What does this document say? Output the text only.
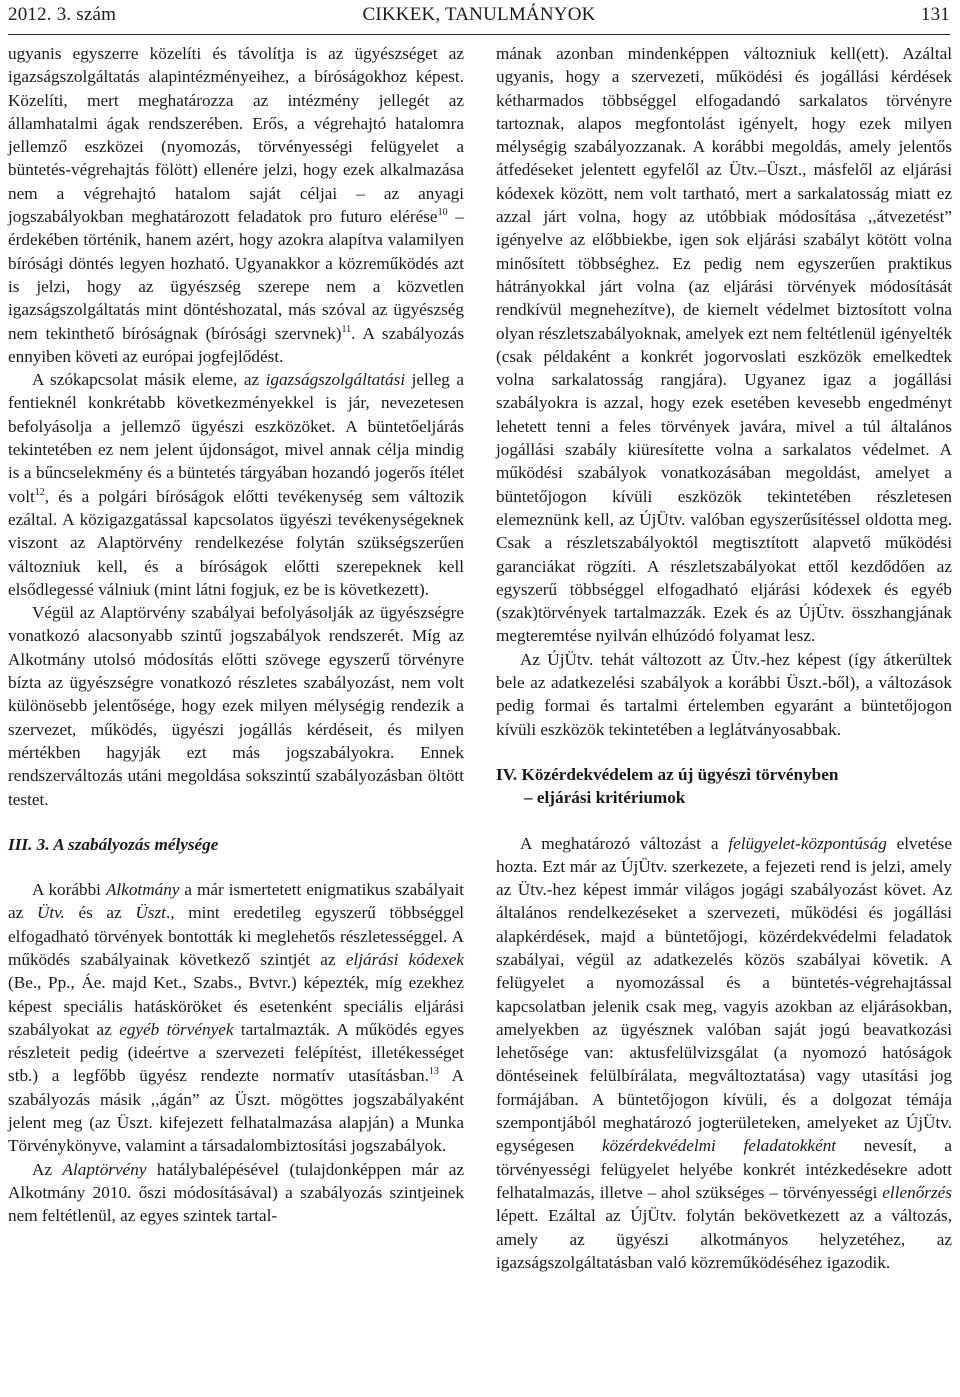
2012. 3. szám	CIKKEK, TANULMÁNYOK	131

ugyanis egyszerre közelíti és távolítja is az ügyészséget az igazságszolgáltatás alapintézményeihez, a bíróságokhoz képest. Közelíti, mert meghatározza az intézmény jellegét az államhatalmi ágak rendszerében. Erős, a végrehajtó hatalomra jellemző eszközei (nyomozás, törvényességi felügyelet a büntetés-végrehajtás fölött) ellenére jelzi, hogy ezek alkalmazása nem a végrehajtó hatalom saját céljai – az anyagi jogszabályokban meghatározott feladatok pro futuro elérése$^{10}$ – érdekében történik, hanem azért, hogy azokra alapítva valamilyen bírósági döntés legyen hozható. Ugyanakkor a közreműködés azt is jelzi, hogy az ügyészség szerepe nem a közvetlen igazságszolgáltatás mint döntéshozatal, más szóval az ügyészség nem tekinthető bíróságnak (bírósági szervnek)$^{11}$. A szabályozás ennyiben követi az európai jogfejlődést.

A szókapcsolat másik eleme, az igazságszolgáltatási jelleg a fentieknél konkrétabb következményekkel is jár, nevezetesen befolyásolja a jellemző ügyészi eszközöket. A büntetőeljárás tekintetében ez nem jelent újdonságot, mivel annak célja mindig is a bűncselekmény és a büntetés tárgyában hozandó jogerős ítélet volt$^{12}$, és a polgári bíróságok előtti tevékenység sem változik ezáltal. A közigazgatással kapcsolatos ügyészi tevékenységeknek viszont az Alaptörvény rendelkezése folytán szükségszerűen változniuk kell, és a bíróságok előtti szerepeknek kell elsődlegessé válniuk (mint látni fogjuk, ez be is következett).

Végül az Alaptörvény szabályai befolyásolják az ügyészségre vonatkozó alacsonyabb szintű jogszabályok rendszerét. Míg az Alkotmány utolsó módosítás előtti szövege egyszerű törvényre bízta az ügyészségre vonatkozó részletes szabályozást, nem volt különösebb jelentősége, hogy ezek milyen mélységig rendezik a szervezet, működés, ügyészi jogállás kérdéseit, és milyen mértékben hagyják ezt más jogszabályokra. Ennek rendszerváltozás utáni megoldása sokszintű szabályozásban öltött testet.

III. 3. A szabályozás mélysége

A korábbi Alkotmány a már ismertetett enigmatikus szabályait az Ütv. és az Üszt., mint eredetileg egyszerű többséggel elfogadható törvények bontották ki meglehetős részletességgel. A működés szabályainak következő szintjét az eljárási kódexek (Be., Pp., Áe. majd Ket., Szabs., Bvtvr.) képezték, míg ezekhez képest speciális hatásköröket és esetenként speciális eljárási szabályokat az egyéb törvények tartalmazták. A működés egyes részleteit pedig (ideértve a szervezeti felépítést, illetékességet stb.) a legfőbb ügyész rendezte normatív utasításban.$^{13}$ A szabályozás másik ,,ágán” az Üszt. mögöttes jogszabályaként jelent meg (az Üszt. kifejezett felhatalmazása alapján) a Munka Törvénykönyve, valamint a társadalombiztosítási jogszabályok.

Az Alaptörvény hatálybalépésével (tulajdonképpen már az Alkotmány 2010. őszi módosításával) a szabályozás szintjeinek nem feltétlenül, az egyes szintek tartal-

mának azonban mindenképpen változniuk kell(ett). Azáltal ugyanis, hogy a szervezeti, működési és jogállási kérdések kétharmados többséggel elfogadandó sarkalatos törvényre tartoznak, alapos megfontolást igényelt, hogy ezek milyen mélységig szabályozzanak. A korábbi megoldás, amely jelentős átfedéseket jelentett egyfelől az Ütv.–Üszt., másfelől az eljárási kódexek között, nem volt tartható, mert a sarkalatosság miatt ez azzal járt volna, hogy az utóbbiak módosítása ,,átvezetést” igényelve az előbbiekbe, igen sok eljárási szabályt kötött volna minősített többséghez. Ez pedig nem egyszerűen praktikus hátrányokkal járt volna (az eljárási törvények módosítását rendkívül megnehezítve), de kiemelt védelmet biztosított volna olyan részletszabályoknak, amelyek ezt nem feltétlenül igényelték (csak példaként a konkrét jogorvoslati eszközök emelkedtek volna sarkalatosság rangjára). Ugyanez igaz a jogállási szabályokra is azzal, hogy ezek esetében kevesebb engedményt lehetett tenni a feles törvények javára, mivel a túl általános jogállási szabály kiüresítette volna a sarkalatos védelmet. A működési szabályok vonatkozásában megoldást, amelyet a büntetőjogon kívüli eszközök tekintetében részletesen elemeznünk kell, az ÚjÜtv. valóban egyszerűsítéssel oldotta meg. Csak a részletszabályoktól megtisztított alapvető működési garanciákat rögzíti. A részletszabályokat ettől kezdődően az egyszerű többséggel elfogadható eljárási kódexek és egyéb (szak)törvények tartalmazzák. Ezek és az ÚjÜtv. összhangjának megteremtése nyilván elhúzódó folyamat lesz.

Az ÚjÜtv. tehát változott az Ütv.-hez képest (így átkerültek bele az adatkezelési szabályok a korábbi Üszt.-ből), a változások pedig formai és tartalmi értelemben egyaránt a büntetőjogon kívüli eszközök tekintetében a leglátványosabbak.

IV. Közérdekvédelem az új ügyészi törvényben
– eljárási kritériumok

A meghatározó változást a felügyelet-központúság elvetése hozta. Ezt már az ÚjÜtv. szerkezete, a fejezeti rend is jelzi, amely az Ütv.-hez képest immár világos jogági szabályozást követ. Az általános rendelkezéseket a szervezeti, működési és jogállási alapkérdések, majd a büntetőjogi, közérdekvédelmi feladatok szabályai, végül az adatkezelés közös szabályai követik. A felügyelet a nyomozással és a büntetés-végrehajtással kapcsolatban jelenik csak meg, vagyis azokban az eljárásokban, amelyekben az ügyésznek valóban saját jogú beavatkozási lehetősége van: aktusfelülvizsgálat (a nyomozó hatóságok döntéseinek felülbírálata, megváltoztatása) vagy utasítási jog formájában. A büntetőjogon kívüli, és a dolgozat témája szempontjából meghatározó jogterületeken, amelyeket az ÚjÜtv. egységesen közérdekvédelmi feladatokként nevesít, a törvényességi felügyelet helyébe konkrét intézkedésekre adott felhatalmazás, illetve – ahol szükséges – törvényességi ellenőrzés lépett. Ezáltal az ÚjÜtv. folytán bekövetkezett az a változás, amely az ügyészi alkotmányos helyzetéhez, az igazságszolgáltatásban való közreműködéséhez igazodik.
